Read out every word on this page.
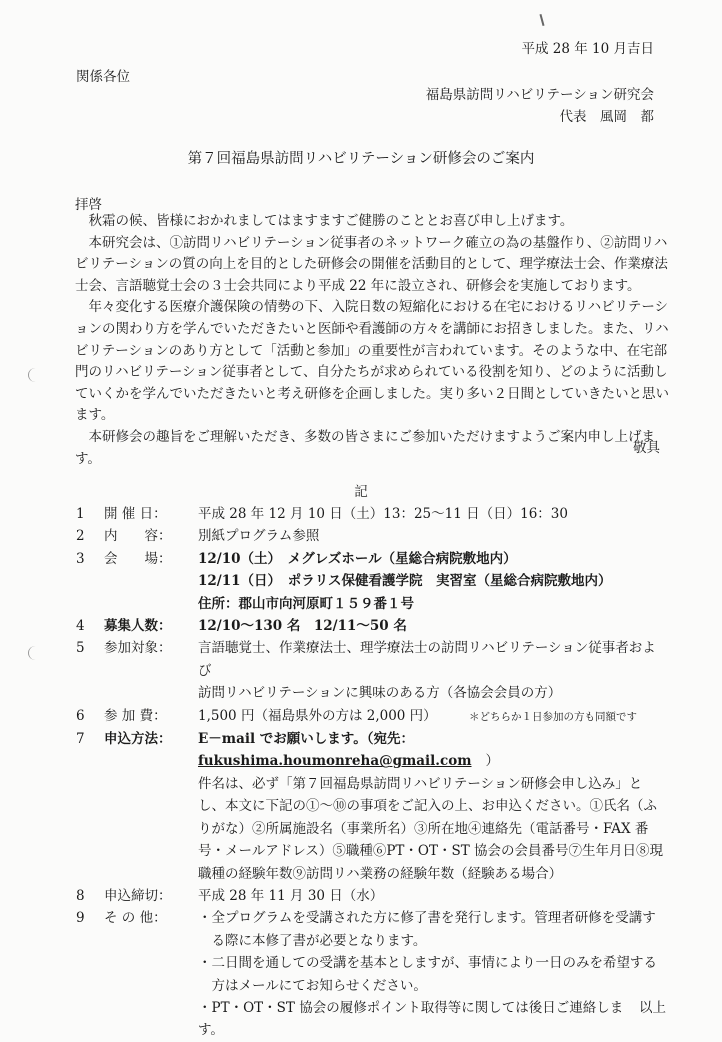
平成 28 年 10 月吉日
関係各位
福島県訪問リハビリテーション研究会
代表　風岡　都
第７回福島県訪問リハビリテーション研修会のご案内
拝啓

秋霜の候、皆様におかれましてはますますご健勝のこととお喜び申し上げます。

本研究会は、①訪問リハビリテーション従事者のネットワーク確立の為の基盤作り、②訪問リハビリテーションの質の向上を目的とした研修会の開催を活動目的として、理学療法士会、作業療法士会、言語聴覚士会の３士会共同により平成 22 年に設立され、研修会を実施しております。

年々変化する医療介護保険の情勢の下、入院日数の短縮化における在宅におけるリハビリテーションの関わり方を学んでいただきたいと医師や看護師の方々を講師にお招きしました。また、リハビリテーションのあり方として「活動と参加」の重要性が言われています。そのような中、在宅部門のリハビリテーション従事者として、自分たちが求められている役割を知り、どのように活動していくかを学んでいただきたいと考え研修を企画しました。実り多い２日間としていきたいと思います。

本研修会の趣旨をご理解いただき、多数の皆さまにご参加いただけますようご案内申し上げます。

敬具
記
1	開 催 日：	平成 28 年 12 月 10 日（土）13：25～11 日（日）16：30
2	内　　容：	別紙プログラム参照
3	会　　場：	12/10（土）　メグレズホール（星総合病院敷地内）
12/11（日）　ポラリス保健看護学院　実習室（星総合病院敷地内）
住所：郡山市向河原町１５９番１号
4	募集人数：	12/10～130 名　12/11～50 名
5	参加対象：	言語聴覚士、作業療法士、理学療法士の訪問リハビリテーション従事者および
訪問リハビリテーションに興味のある方（各協会会員の方）
6	参 加 費：	1,500 円（福島県外の方は 2,000 円）	＊どちらか１日参加の方も同額です
7	申込方法：	E－mail でお願いします。（宛先：fukushima.houmonreha@gmail.com ）
件名は、必ず「第７回福島県訪問リハビリテーション研修会申し込み」とし、本文に下記の①～⑩の事項をご記入の上、お申込ください。①氏名（ふりがな）②所属施設名（事業所名）③所在地④連絡先（電話番号・FAX 番号・メールアドレス）⑤職種⑥PT・OT・ST 協会の会員番号⑦生年月日⑧現職種の経験年数⑨訪問リハ業務の経験年数（経験ある場合）
8	申込締切：	平成 28 年 11 月 30 日（水）
9	そ の 他：	・全プログラムを受講された方に修了書を発行します。管理者研修を受講する際に本修了書が必要となります。
・二日間を通しての受講を基本としますが、事情により一日のみを希望する方はメールにてお知らせください。
・PT・OT・ST 協会の履修ポイント取得等に関しては後日ご連絡します。
以上
